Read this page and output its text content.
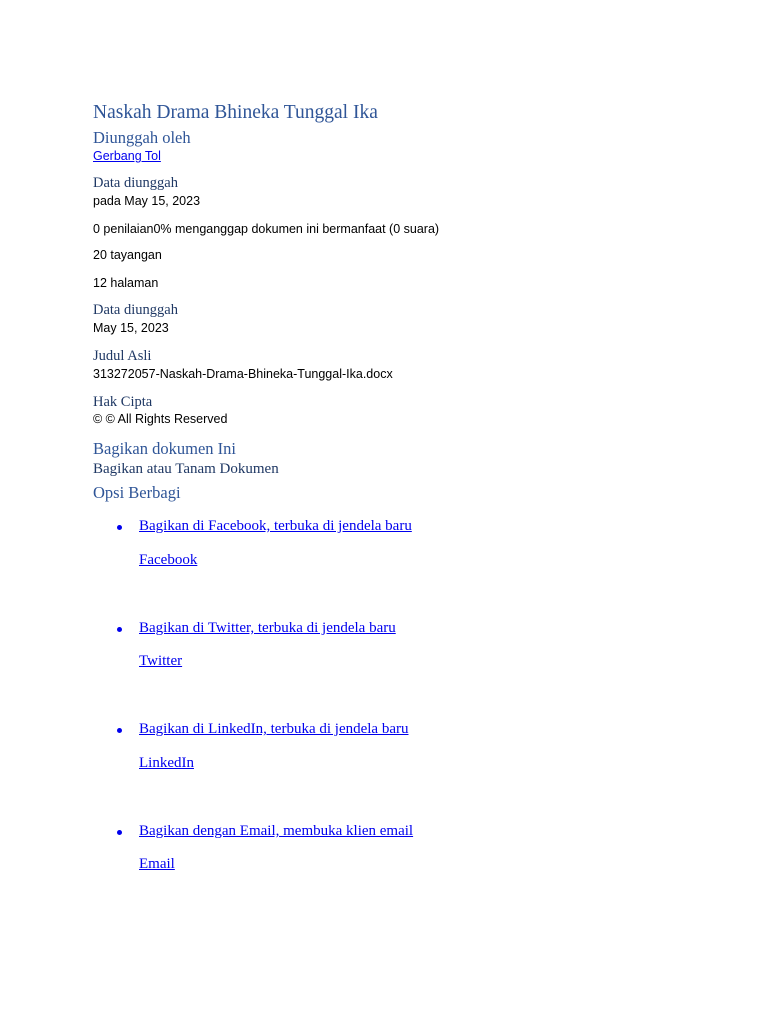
Naskah Drama Bhineka Tunggal Ika
Diunggah oleh
Gerbang Tol
Data diunggah
pada May 15, 2023
0 penilaian0% menganggap dokumen ini bermanfaat (0 suara)
20 tayangan
12 halaman
Data diunggah
May 15, 2023
Judul Asli
313272057-Naskah-Drama-Bhineka-Tunggal-Ika.docx
Hak Cipta
© © All Rights Reserved
Bagikan dokumen Ini
Bagikan atau Tanam Dokumen
Opsi Berbagi
Bagikan di Facebook, terbuka di jendela baru
Facebook
Bagikan di Twitter, terbuka di jendela baru
Twitter
Bagikan di LinkedIn, terbuka di jendela baru
LinkedIn
Bagikan dengan Email, membuka klien email
Email
